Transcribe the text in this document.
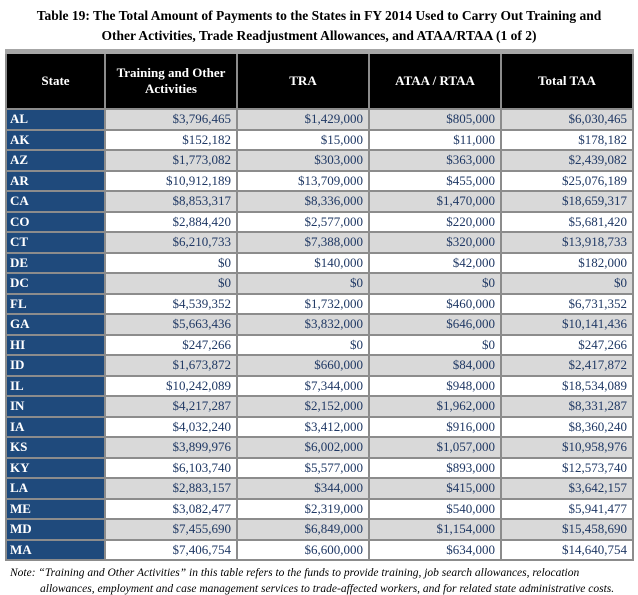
Table 19: The Total Amount of Payments to the States in FY 2014 Used to Carry Out Training and
Other Activities, Trade Readjustment Allowances, and ATAA/RTAA (1 of 2)
State	Training and Other Activities	TRA	ATAA / RTAA	Total TAA
AL	$3,796,465	$1,429,000	$805,000	$6,030,465
AK	$152,182	$15,000	$11,000	$178,182
AZ	$1,773,082	$303,000	$363,000	$2,439,082
AR	$10,912,189	$13,709,000	$455,000	$25,076,189
CA	$8,853,317	$8,336,000	$1,470,000	$18,659,317
CO	$2,884,420	$2,577,000	$220,000	$5,681,420
CT	$6,210,733	$7,388,000	$320,000	$13,918,733
DE	$0	$140,000	$42,000	$182,000
DC	$0	$0	$0	$0
FL	$4,539,352	$1,732,000	$460,000	$6,731,352
GA	$5,663,436	$3,832,000	$646,000	$10,141,436
HI	$247,266	$0	$0	$247,266
ID	$1,673,872	$660,000	$84,000	$2,417,872
IL	$10,242,089	$7,344,000	$948,000	$18,534,089
IN	$4,217,287	$2,152,000	$1,962,000	$8,331,287
IA	$4,032,240	$3,412,000	$916,000	$8,360,240
KS	$3,899,976	$6,002,000	$1,057,000	$10,958,976
KY	$6,103,740	$5,577,000	$893,000	$12,573,740
LA	$2,883,157	$344,000	$415,000	$3,642,157
ME	$3,082,477	$2,319,000	$540,000	$5,941,477
MD	$7,455,690	$6,849,000	$1,154,000	$15,458,690
MA	$7,406,754	$6,600,000	$634,000	$14,640,754
Note: “Training and Other Activities” in this table refers to the funds to provide training, job search allowances, relocation allowances, employment and case management services to trade-affected workers, and for related state administrative costs.
